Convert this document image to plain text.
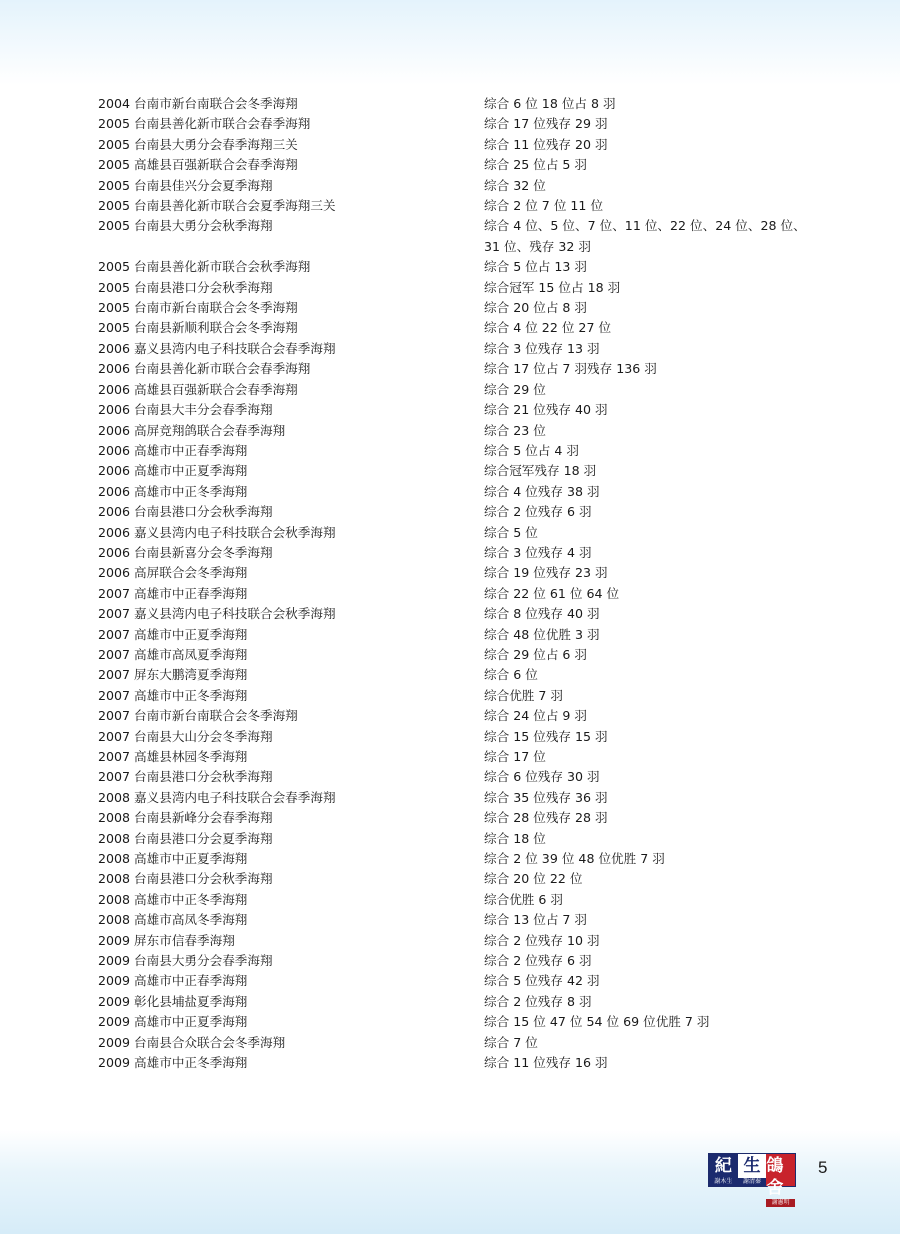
2004 台南市新台南联合会冬季海翔	综合 6 位 18 位占 8 羽
2005 台南县善化新市联合会春季海翔	综合 17 位残存 29 羽
2005 台南县大勇分会春季海翔三关	综合 11 位残存 20 羽
2005 高雄县百强新联合会春季海翔	综合 25 位占 5 羽
2005 台南县佳兴分会夏季海翔	综合 32 位
2005 台南县善化新市联合会夏季海翔三关	综合 2 位 7 位 11 位
2005 台南县大勇分会秋季海翔	综合 4 位、5 位、7 位、11 位、22 位、24 位、28 位、31 位、残存 32 羽
2005 台南县善化新市联合会秋季海翔	综合 5 位占 13 羽
2005 台南县港口分会秋季海翔	综合冠军 15 位占 18 羽
2005 台南市新台南联合会冬季海翔	综合 20 位占 8 羽
2005 台南县新顺利联合会冬季海翔	综合 4 位 22 位 27 位
2006 嘉义县湾内电子科技联合会春季海翔	综合 3 位残存 13 羽
2006 台南县善化新市联合会春季海翔	综合 17 位占 7 羽残存 136 羽
2006 高雄县百强新联合会春季海翔	综合 29 位
2006 台南县大丰分会春季海翔	综合 21 位残存 40 羽
2006 高屏竞翔鸽联合会春季海翔	综合 23 位
2006 高雄市中正春季海翔	综合 5 位占 4 羽
2006 高雄市中正夏季海翔	综合冠军残存 18 羽
2006 高雄市中正冬季海翔	综合 4 位残存 38 羽
2006 台南县港口分会秋季海翔	综合 2 位残存 6 羽
2006 嘉义县湾内电子科技联合会秋季海翔	综合 5 位
2006 台南县新喜分会冬季海翔	综合 3 位残存 4 羽
2006 高屏联合会冬季海翔	综合 19 位残存 23 羽
2007 高雄市中正春季海翔	综合 22 位 61 位 64 位
2007 嘉义县湾内电子科技联合会秋季海翔	综合 8 位残存 40 羽
2007 高雄市中正夏季海翔	综合 48 位优胜 3 羽
2007 高雄市高凤夏季海翔	综合 29 位占 6 羽
2007 屏东大鹏湾夏季海翔	综合 6 位
2007 高雄市中正冬季海翔	综合优胜 7 羽
2007 台南市新台南联合会冬季海翔	综合 24 位占 9 羽
2007 台南县大山分会冬季海翔	综合 15 位残存 15 羽
2007 高雄县林园冬季海翔	综合 17 位
2007 台南县港口分会秋季海翔	综合 6 位残存 30 羽
2008 嘉义县湾内电子科技联合会春季海翔	综合 35 位残存 36 羽
2008 台南县新峰分会春季海翔	综合 28 位残存 28 羽
2008 台南县港口分会夏季海翔	综合 18 位
2008 高雄市中正夏季海翔	综合 2 位 39 位 48 位优胜 7 羽
2008 台南县港口分会秋季海翔	综合 20 位 22 位
2008 高雄市中正冬季海翔	综合优胜 6 羽
2008 高雄市高凤冬季海翔	综合 13 位占 7 羽
2009 屏东市信春季海翔	综合 2 位残存 10 羽
2009 台南县大勇分会春季海翔	综合 2 位残存 6 羽
2009 高雄市中正春季海翔	综合 5 位残存 42 羽
2009 彰化县埔盐夏季海翔	综合 2 位残存 8 羽
2009 高雄市中正夏季海翔	综合 15 位 47 位 54 位 69 位优胜 7 羽
2009 台南县合众联合会冬季海翔	综合 7 位
2009 高雄市中正冬季海翔	综合 11 位残存 16 羽
紀
謝木生
生
謝清秦
鴿舍
謝憲明
5
